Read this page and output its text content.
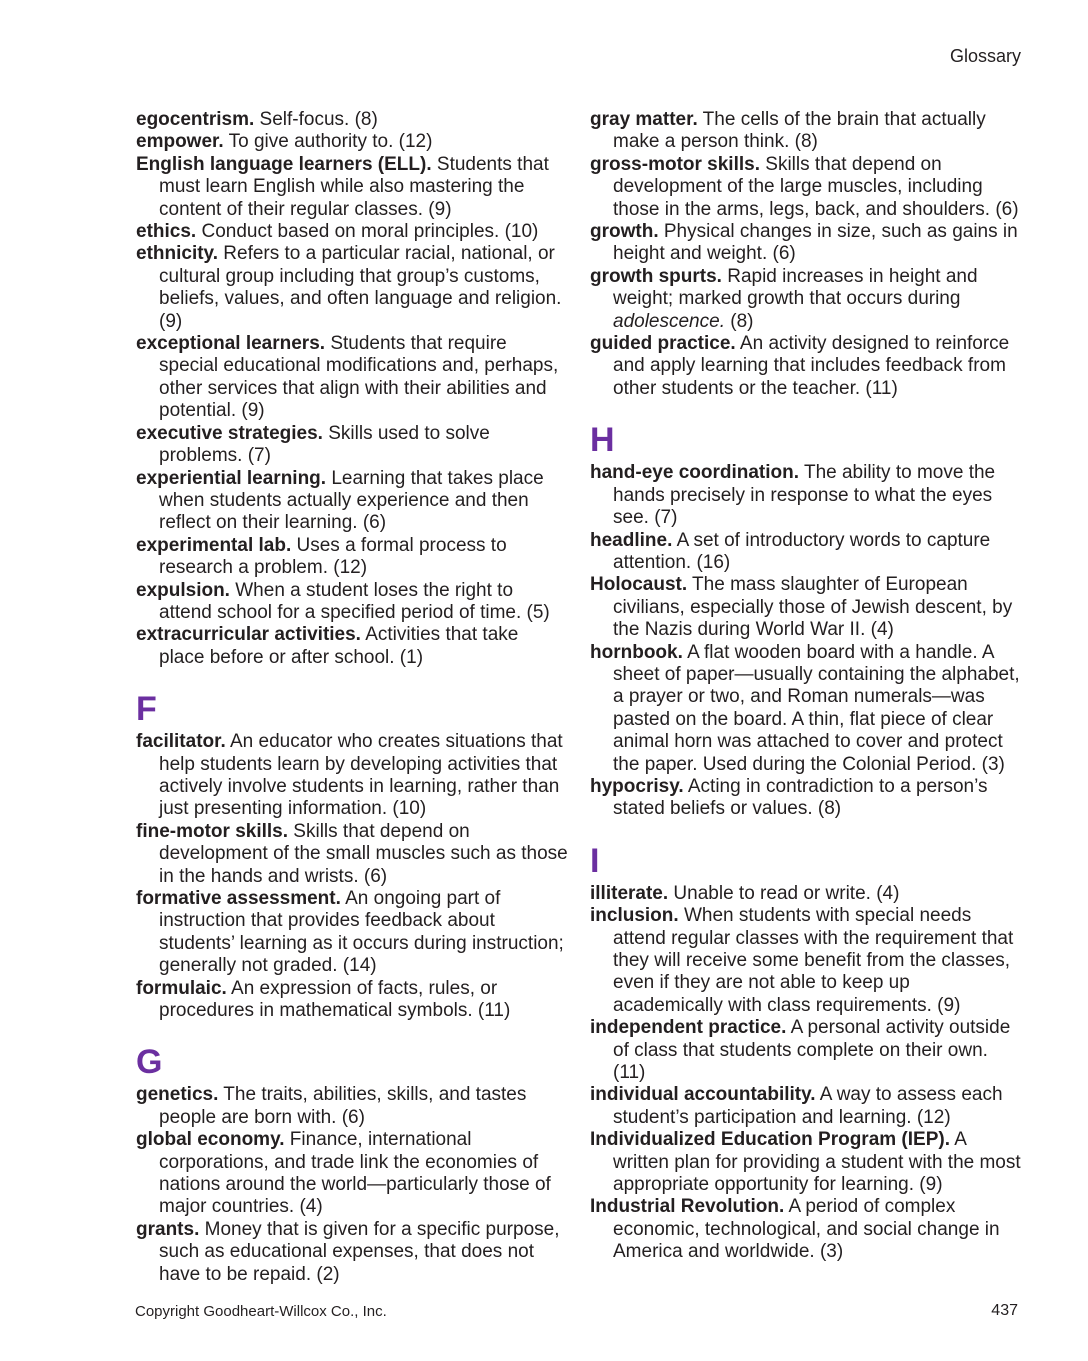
Glossary
egocentrism. Self-focus. (8)
empower. To give authority to. (12)
English language learners (ELL). Students that must learn English while also mastering the content of their regular classes. (9)
ethics. Conduct based on moral principles. (10)
ethnicity. Refers to a particular racial, national, or cultural group including that group’s customs, beliefs, values, and often language and religion. (9)
exceptional learners. Students that require special educational modifications and, perhaps, other services that align with their abilities and potential. (9)
executive strategies. Skills used to solve problems. (7)
experiential learning. Learning that takes place when students actually experience and then reflect on their learning. (6)
experimental lab. Uses a formal process to research a problem. (12)
expulsion. When a student loses the right to attend school for a specified period of time. (5)
extracurricular activities. Activities that take place before or after school. (1)
F
facilitator. An educator who creates situations that help students learn by developing activities that actively involve students in learning, rather than just presenting information. (10)
fine-motor skills. Skills that depend on development of the small muscles such as those in the hands and wrists. (6)
formative assessment. An ongoing part of instruction that provides feedback about students’ learning as it occurs during instruction; generally not graded. (14)
formulaic. An expression of facts, rules, or procedures in mathematical symbols. (11)
G
genetics. The traits, abilities, skills, and tastes people are born with. (6)
global economy. Finance, international corporations, and trade link the economies of nations around the world—particularly those of major countries. (4)
grants. Money that is given for a specific purpose, such as educational expenses, that does not have to be repaid. (2)
gray matter. The cells of the brain that actually make a person think. (8)
gross-motor skills. Skills that depend on development of the large muscles, including those in the arms, legs, back, and shoulders. (6)
growth. Physical changes in size, such as gains in height and weight. (6)
growth spurts. Rapid increases in height and weight; marked growth that occurs during adolescence. (8)
guided practice. An activity designed to reinforce and apply learning that includes feedback from other students or the teacher. (11)
H
hand-eye coordination. The ability to move the hands precisely in response to what the eyes see. (7)
headline. A set of introductory words to capture attention. (16)
Holocaust. The mass slaughter of European civilians, especially those of Jewish descent, by the Nazis during World War II. (4)
hornbook. A flat wooden board with a handle. A sheet of paper—usually containing the alphabet, a prayer or two, and Roman numerals—was pasted on the board. A thin, flat piece of clear animal horn was attached to cover and protect the paper. Used during the Colonial Period. (3)
hypocrisy. Acting in contradiction to a person’s stated beliefs or values. (8)
I
illiterate. Unable to read or write. (4)
inclusion. When students with special needs attend regular classes with the requirement that they will receive some benefit from the classes, even if they are not able to keep up academically with class requirements. (9)
independent practice. A personal activity outside of class that students complete on their own. (11)
individual accountability. A way to assess each student’s participation and learning. (12)
Individualized Education Program (IEP). A written plan for providing a student with the most appropriate opportunity for learning. (9)
Industrial Revolution. A period of complex economic, technological, and social change in America and worldwide. (3)
Copyright Goodheart-Willcox Co., Inc.	437
